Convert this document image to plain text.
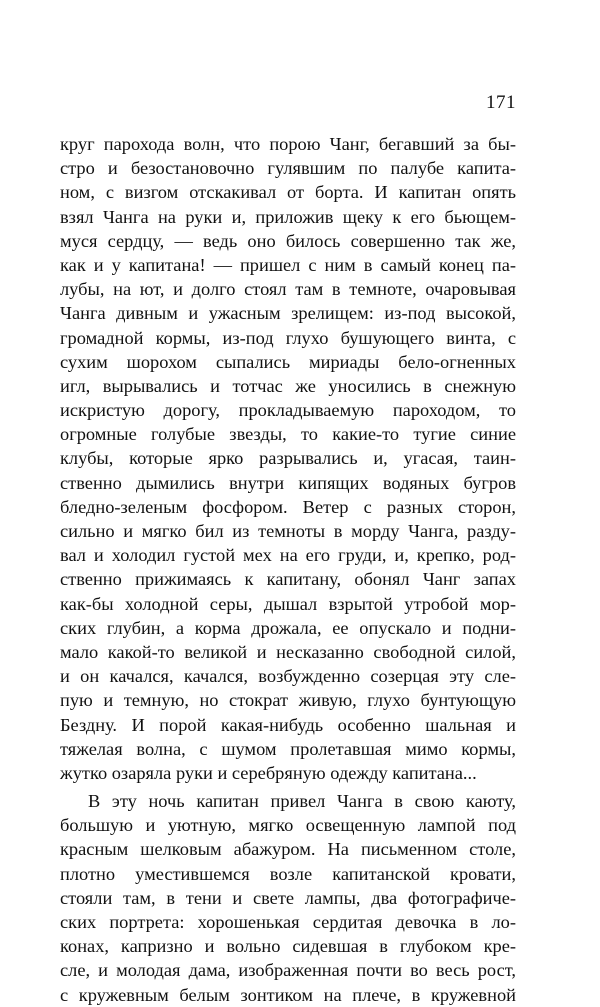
171
круг парохода волн, что порою Чанг, бегавший за бы-
стро и безостановочно гулявшим по палубе капита-
ном, с визгом отскакивал от борта. И капитан опять
взял Чанга на руки и, приложив щеку к его бьющем-
муся сердцу, — ведь оно билось совершенно так же,
как и у капитана! — пришел с ним в самый конец па-
лубы, на ют, и долго стоял там в темноте, очаровывая
Чанга дивным и ужасным зрелищем: из-под высокой,
громадной кормы, из-под глухо бушующего винта, с
сухим шорохом сыпались мириады бело-огненных
игл, вырывались и тотчас же уносились в снежную
искристую дорогу, прокладываемую пароходом, то
огромные голубые звезды, то какие-то тугие синие
клубы, которые ярко разрывались и, угасая, таин-
ственно дымились внутри кипящих водяных бугров
бледно-зеленым фосфором. Ветер с разных сторон,
сильно и мягко бил из темноты в морду Чанга, разду-
вал и холодил густой мех на его груди, и, крепко, род-
ственно прижимаясь к капитану, обонял Чанг запах
как-бы холодной серы, дышал взрытой утробой мор-
ских глубин, а корма дрожала, ее опускало и подни-
мало какой-то великой и несказанно свободной силой,
и он качался, качался, возбужденно созерцая эту сле-
пую и темную, но стократ живую, глухо бунтующую
Бездну. И порой какая-нибудь особенно шальная и
тяжелая волна, с шумом пролетавшая мимо кормы,
жутко озаряла руки и серебряную одежду капитана...
В эту ночь капитан привел Чанга в свою каюту,
большую и уютную, мягко освещенную лампой под
красным шелковым абажуром. На письменном столе,
плотно уместившемся возле капитанской кровати,
стояли там, в тени и свете лампы, два фотографиче-
ских портрета: хорошенькая сердитая девочка в ло-
конах, капризно и вольно сидевшая в глубоком кре-
сле, и молодая дама, изображенная почти во весь рост,
с кружевным белым зонтиком на плече, в кружевной
